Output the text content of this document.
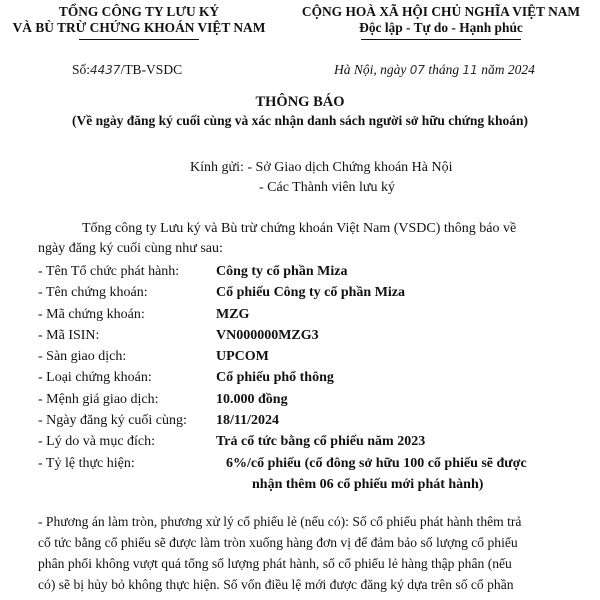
TỔNG CÔNG TY LƯU KÝ
VÀ BÙ TRỪ CHỨNG KHOÁN VIỆT NAM
CỘNG HOÀ XÃ HỘI CHỦ NGHĨA VIỆT NAM
Độc lập - Tự do - Hạnh phúc
Số:4437/TB-VSDC	Hà Nội, ngày 07 tháng 11 năm 2024
THÔNG BÁO
(Về ngày đăng ký cuối cùng và xác nhận danh sách người sở hữu chứng khoán)
Kính gửi: - Sở Giao dịch Chứng khoán Hà Nội
- Các Thành viên lưu ký
Tổng công ty Lưu ký và Bù trừ chứng khoán Việt Nam (VSDC) thông báo về
ngày đăng ký cuối cùng như sau:
- Tên Tổ chức phát hành:	Công ty cổ phần Miza
- Tên chứng khoán:	Cổ phiếu Công ty cổ phần Miza
- Mã chứng khoán:	MZG
- Mã ISIN:	VN000000MZG3
- Sàn giao dịch:	UPCOM
- Loại chứng khoán:	Cổ phiếu phổ thông
- Mệnh giá giao dịch:	10.000 đồng
- Ngày đăng ký cuối cùng: 18/11/2024
- Lý do và mục đích:	Trả cổ tức bằng cổ phiếu năm 2023
- Tỷ lệ thực hiện:	6%/cổ phiếu (cổ đông sở hữu 100 cổ phiếu sẽ được
nhận thêm 06 cổ phiếu mới phát hành)
- Phương án làm tròn, phương xử lý cổ phiếu lẻ (nếu có): Số cổ phiếu phát hành thêm trả
cổ tức bằng cổ phiếu sẽ được làm tròn xuống hàng đơn vị để đảm bảo số lượng cổ phiếu
phân phối không vượt quá tổng số lượng phát hành, số cổ phiếu lẻ hàng thập phân (nếu
có) sẽ bị hủy bỏ không thực hiện. Số vốn điều lệ mới được đăng ký dựa trên số cổ phần
